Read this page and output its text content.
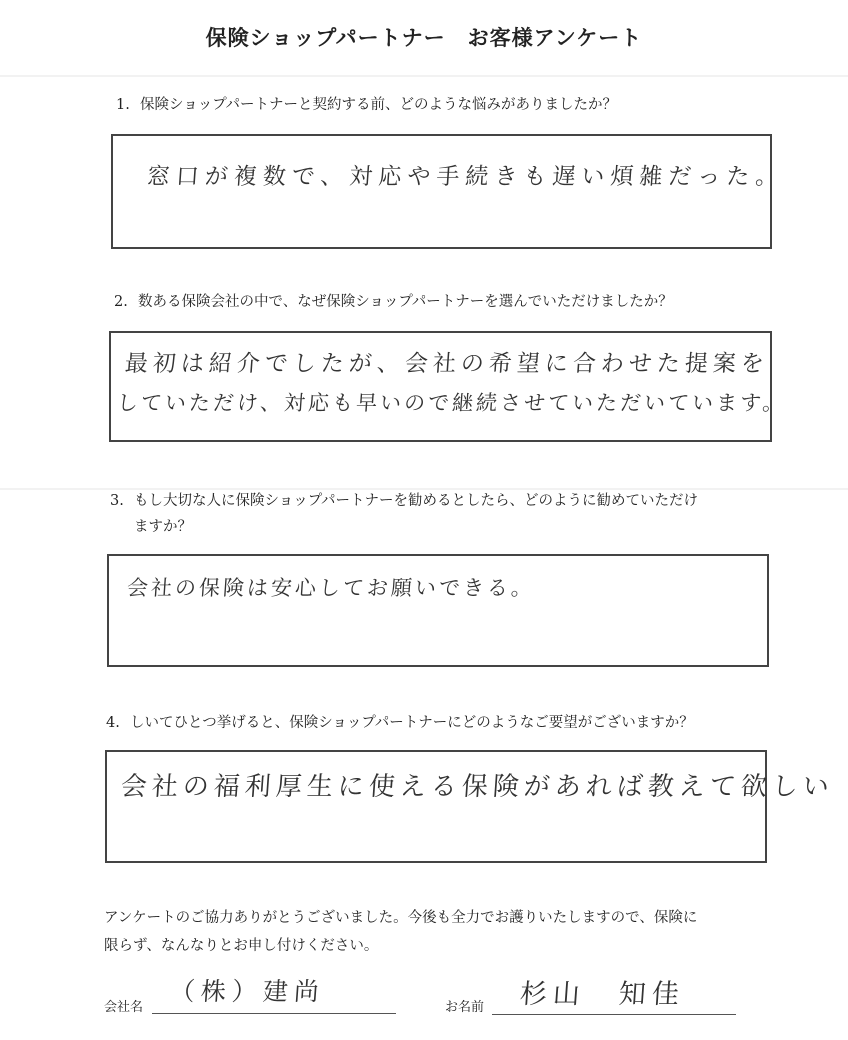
保険ショップパートナー　お客様アンケート
1. 保険ショップパートナーと契約する前、どのような悩みがありましたか？
窓口が複数で、対応や手続きも遅い煩雑だった。
2. 数ある保険会社の中で、なぜ保険ショップパートナーを選んでいただけましたか？
最初は紹介でしたが、会社の希望に合わせた提案を
していただけ、対応も早いので継続させていただいています。
3. もし大切な人に保険ショップパートナーを勧めるとしたら、どのように勧めていただけ
ますか？
会社の保険は安心してお願いできる。
4. しいてひとつ挙げると、保険ショップパートナーにどのようなご要望がございますか？
会社の福利厚生に使える保険があれば教えて欲しい
アンケートのご協力ありがとうございました。今後も全力でお護りいたしますので、保険に
限らず、なんなりとお申し付けください。
会社名
（株）建尚
お名前 杉山　知佳
